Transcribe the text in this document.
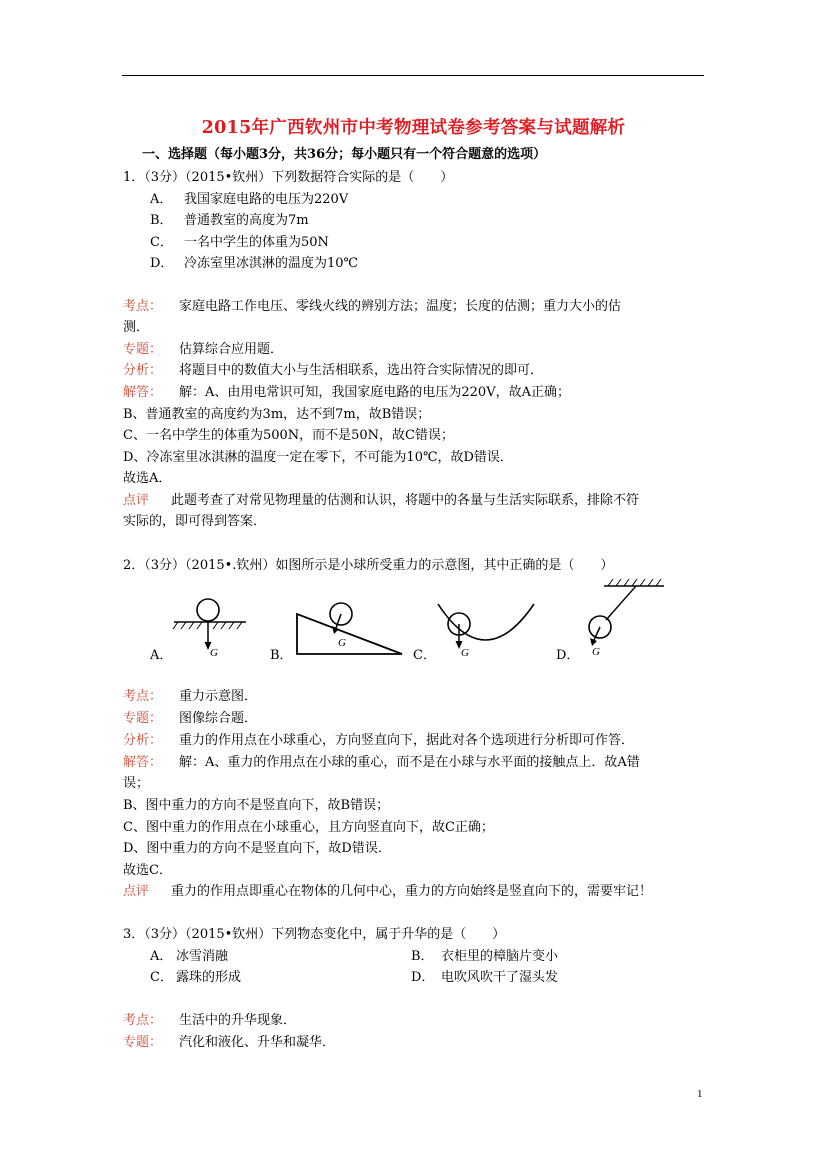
2015年广西钦州市中考物理试卷参考答案与试题解析
一、选择题（每小题3分，共36分；每小题只有一个符合题意的选项）
1．（3分）（2015•钦州）下列数据符合实际的是（　　）
A． 我国家庭电路的电压为220V
B． 普通教室的高度为7m
C． 一名中学生的体重为50N
D． 冷冻室里冰淇淋的温度为10℃
考点： 家庭电路工作电压、零线火线的辨别方法；温度；长度的估测；重力大小的估
测．
专题： 估算综合应用题．
分析： 将题目中的数值大小与生活相联系，选出符合实际情况的即可．
解答： 解：A、由用电常识可知，我国家庭电路的电压为220V，故A正确；
B、普通教室的高度约为3m，达不到7m，故B错误；
C、一名中学生的体重为500N，而不是50N，故C错误；
D、冷冻室里冰淇淋的温度一定在零下，不可能为10℃，故D错误．
故选A．
点评 此题考查了对常见物理量的估测和认识，将题中的各量与生活实际联系，排除不符
实际的，即可得到答案．
2．（3分）（2015•.钦州）如图所示是小球所受重力的示意图，其中正确的是（　　）
G
A．
G
B．	G
C．	G
D．
考点： 重力示意图．
专题： 图像综合题．
分析： 重力的作用点在小球重心，方向竖直向下，据此对各个选项进行分析即可作答．
解答： 解：A、重力的作用点在小球的重心，而不是在小球与水平面的接触点上．故A错
误；
B、图中重力的方向不是竖直向下，故B错误；
C、图中重力的作用点在小球重心，且方向竖直向下，故C正确；
D、图中重力的方向不是竖直向下，故D错误．
故选C．
点评 重力的作用点即重心在物体的几何中心，重力的方向始终是竖直向下的，需要牢记！
3．（3分）（2015•钦州）下列物态变化中，属于升华的是（　　）
A． 冰雪消融	B． 衣柜里的樟脑片变小
C． 露珠的形成	D． 电吹风吹干了湿头发
考点： 生活中的升华现象．
专题： 汽化和液化、升华和凝华．
1
